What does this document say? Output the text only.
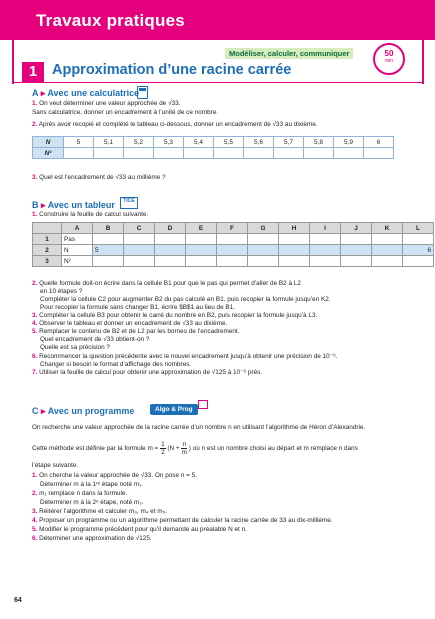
Travaux pratiques
Modéliser, calculer, communiquer	50
min
1	Approximation d’une racine carrée
A ▸ Avec une calculatrice
1. On veut déterminer une valeur approchée de √33.
Sans calculatrice, donner un encadrement à l’unité de ce nombre.
2. Après avoir recopié et complété le tableau ci-dessous, donner un encadrement de √33 au dixième.
N	5	5,1	5,2	5,3	5,4	5,5	5,6	5,7	5,8	5,9	6
N²											
3. Quel est l’encadrement de √33 au millième ?
B ▸ Avec un tableur	TICE
1. Construire la feuille de calcul suivante.
	A	B	C	D	E	F	G	H	I	J	K	L
1	Pas											
2	N	5										6
3	N²											
2. Quelle formule doit-on écrire dans la cellule B1 pour que le pas qui permet d’aller de B2 à L2
en 10 étapes ?
Compléter la cellule C2 pour augmenter B2 du pas calculé en B1, puis recopier la formule jusqu’en K2.
Pour recopier la formule sans changer B1, écrire $B$1 au lieu de B1.
3. Compléter la cellule B3 pour obtenir le carré du nombre en B2, puis recopier la formule jusqu’à L3.
4. Observer le tableau et donner un encadrement de √33 au dixième.
5. Remplacer le contenu de B2 et de L2 par les bornes de l’encadrement.
Quel encadrement de √33 obtient-on ?
Quelle est sa précision ?
6. Recommencer la question précédente avec le nouvel encadrement jusqu’à obtenir une précision de 10⁻⁶.
Changer si besoin le format d’affichage des nombres.
7. Utiliser la feuille de calcul pour obtenir une approximation de √125 à 10⁻⁶ près.
C ▸ Avec un programme	Algo & Prog
On recherche une valeur approchée de la racine carrée d’un nombre n en utilisant l’algorithme de Héron d’Alexandrie.
Cette méthode est définie par la formule $m = \frac{1}{2} (N + \frac{n}{m}$ ) où n est un nombre choisi au départ et m remplace n dans
l’étape suivante.
1. On cherche la valeur approchée de √33. On pose n = 5.
Déterminer m à la 1ʳᵉ étape noté m₁.
2. m₁ remplace n dans la formule.
Déterminer m à la 2ᵉ étape, noté m₂.
3. Réitérer l’algorithme et calculer m₃, m₄ et m₅.
4. Proposer un programme ou un algorithme permettant de calculer la racine carrée de 33 au dix-millième.
5. Modifier le programme précédent pour qu’il demande au préalable N et n.
6. Déterminer une approximation de √125.
64
